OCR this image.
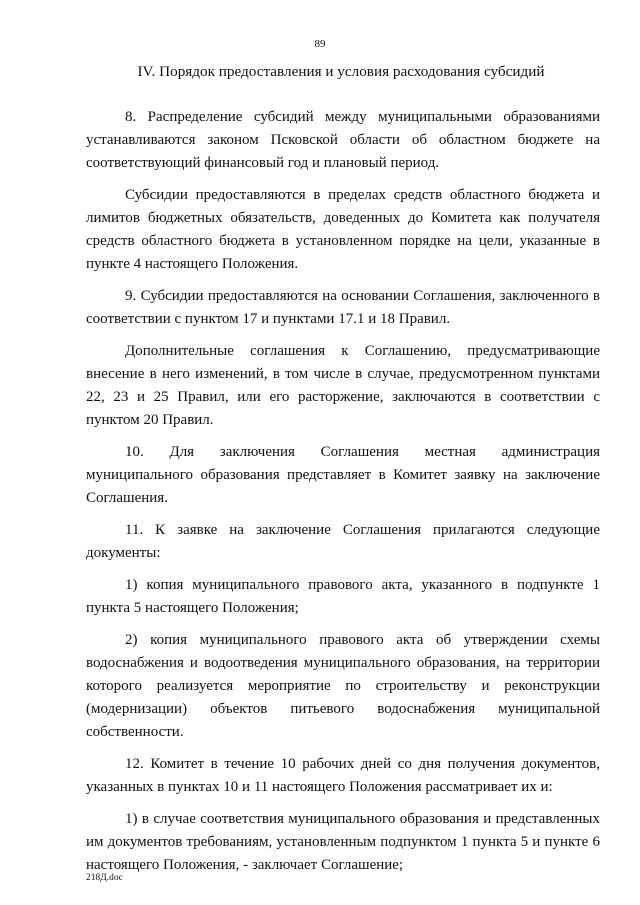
89
IV. Порядок предоставления и условия расходования субсидий

8. Распределение субсидий между муниципальными образованиями устанавливаются законом Псковской области об областном бюджете на соответствующий финансовый год и плановый период.

Субсидии предоставляются в пределах средств областного бюджета и лимитов бюджетных обязательств, доведенных до Комитета как получателя средств областного бюджета в установленном порядке на цели, указанные в пункте 4 настоящего Положения.

9. Субсидии предоставляются на основании Соглашения, заключенного в соответствии с пунктом 17 и пунктами 17.1 и 18 Правил.

Дополнительные соглашения к Соглашению, предусматривающие внесение в него изменений, в том числе в случае, предусмотренном пунктами 22, 23 и 25 Правил, или его расторжение, заключаются в соответствии с пунктом 20 Правил.

10. Для заключения Соглашения местная администрация муниципального образования представляет в Комитет заявку на заключение Соглашения.

11. К заявке на заключение Соглашения прилагаются следующие документы:

1) копия муниципального правового акта, указанного в подпункте 1 пункта 5 настоящего Положения;

2) копия муниципального правового акта об утверждении схемы водоснабжения и водоотведения муниципального образования, на территории которого реализуется мероприятие по строительству и реконструкции (модернизации) объектов питьевого водоснабжения муниципальной собственности.

12. Комитет в течение 10 рабочих дней со дня получения документов, указанных в пунктах 10 и 11 настоящего Положения рассматривает их и:

1) в случае соответствия муниципального образования и представленных им документов требованиям, установленным подпунктом 1 пункта 5 и пункте 6 настоящего Положения, - заключает Соглашение;

218Д.doc
